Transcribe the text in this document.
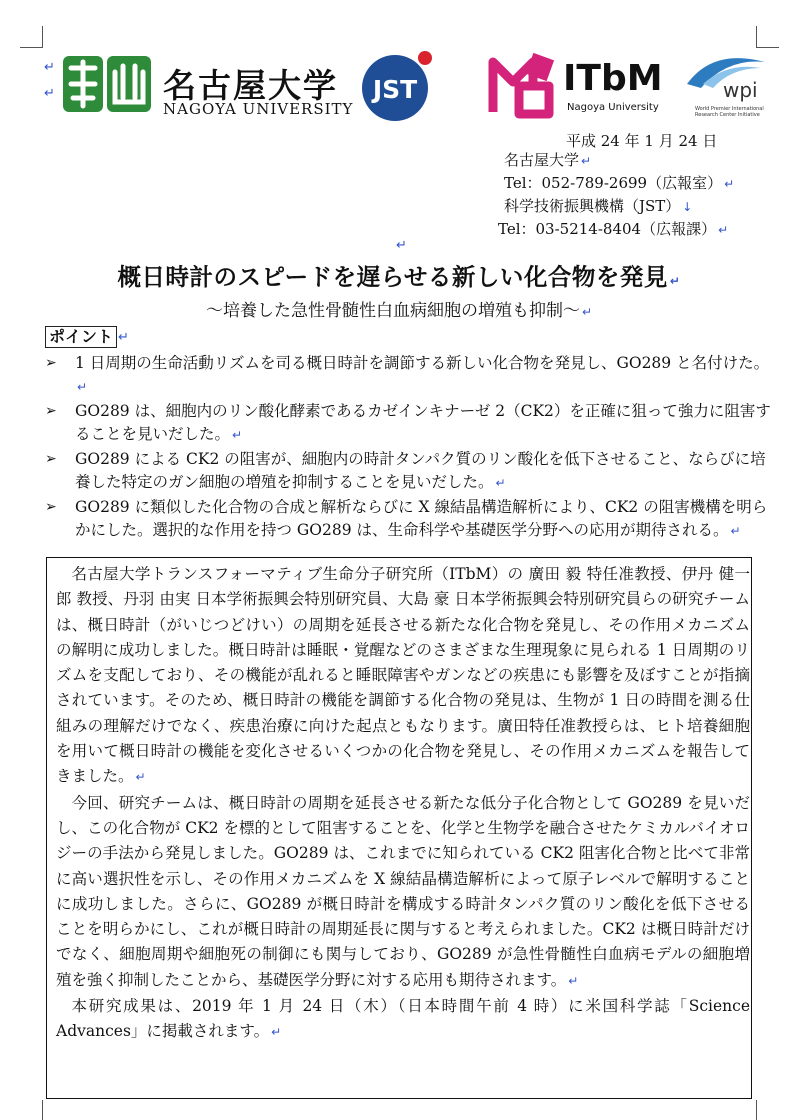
↵
↵	名古屋大学
NAGOYA UNIVERSITY
JST	ITbM
Nagoya University
wpi
World Premier International Research Center Initiative
平成 24 年 1 月 24 日
名古屋大学 ↵
Tel：052-789-2699（広報室） ↵
科学技術振興機構（JST） ↓
Tel：03-5214-8404（広報課） ↵
↵
概日時計のスピードを遅らせる新しい化合物を発見 ↵
～培養した急性骨髄性白血病細胞の増殖も抑制～ ↵
ポイント ↵
➢ 1 日周期の生命活動リズムを司る概日時計を調節する新しい化合物を発見し、GO289 と名付けた。↵
➢ GO289 は、細胞内のリン酸化酵素であるカゼインキナーゼ 2（CK2）を正確に狙って強力に阻害することを見いだした。 ↵
➢ GO289 による CK2 の阻害が、細胞内の時計タンパク質のリン酸化を低下させること、ならびに培養した特定のガン細胞の増殖を抑制することを見いだした。 ↵
➢ GO289 に類似した化合物の合成と解析ならびに X 線結晶構造解析により、CK2 の阻害機構を明らかにした。選択的な作用を持つ GO289 は、生命科学や基礎医学分野への応用が期待される。 ↵

名古屋大学トランスフォーマティブ生命分子研究所（ITbM）の 廣田 毅 特任准教授、伊丹 健一郎 教授、丹羽 由実 日本学術振興会特別研究員、大島 豪 日本学術振興会特別研究員らの研究チームは、概日時計（がいじつどけい）の周期を延長させる新たな化合物を発見し、その作用メカニズムの解明に成功しました。概日時計は睡眠・覚醒などのさまざまな生理現象に見られる 1 日周期のリズムを支配しており、その機能が乱れると睡眠障害やガンなどの疾患にも影響を及ぼすことが指摘されています。そのため、概日時計の機能を調節する化合物の発見は、生物が 1 日の時間を測る仕組みの理解だけでなく、疾患治療に向けた起点ともなります。廣田特任准教授らは、ヒト培養細胞を用いて概日時計の機能を変化させるいくつかの化合物を発見し、その作用メカニズムを報告してきました。 ↵

今回、研究チームは、概日時計の周期を延長させる新たな低分子化合物として GO289 を見いだし、この化合物が CK2 を標的として阻害することを、化学と生物学を融合させたケミカルバイオロジーの手法から発見しました。GO289 は、これまでに知られている CK2 阻害化合物と比べて非常に高い選択性を示し、その作用メカニズムを X 線結晶構造解析によって原子レベルで解明することに成功しました。さらに、GO289 が概日時計を構成する時計タンパク質のリン酸化を低下させることを明らかにし、これが概日時計の周期延長に関与すると考えられました。CK2 は概日時計だけでなく、細胞周期や細胞死の制御にも関与しており、GO289 が急性骨髄性白血病モデルの細胞増殖を強く抑制したことから、基礎医学分野に対する応用も期待されます。 ↵

本研究成果は、2019 年 1 月 24 日（木）（日本時間午前 4 時）に米国科学誌「Science Advances」に掲載されます。 ↵
